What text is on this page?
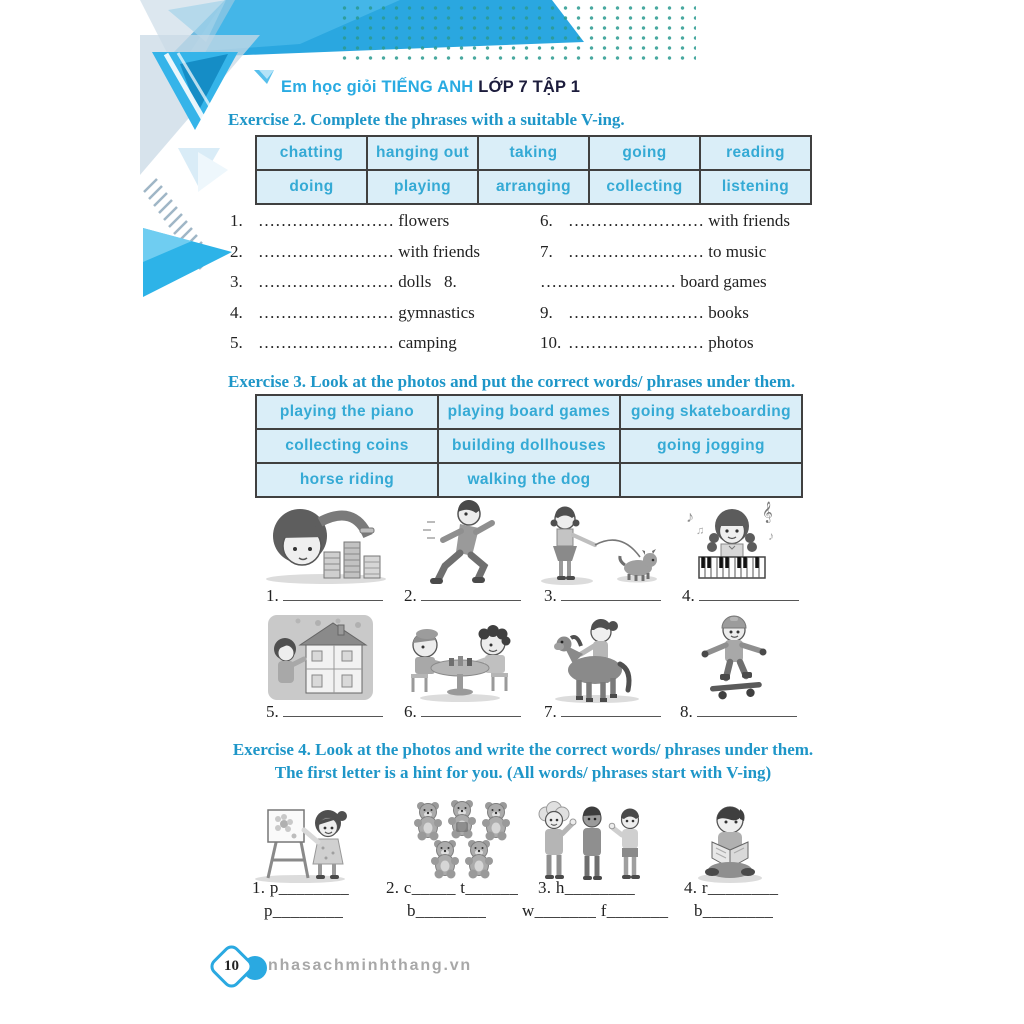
Em học giỏi TIẾNG ANH LỚP 7 TẬP 1
Exercise 2. Complete the phrases with a suitable V-ing.
chatting	hanging out	taking	going	reading
doing	playing	arranging	collecting	listening
1. …………………… flowers
2. …………………… with friends
3. …………………… dolls   8.
4. …………………… gymnastics
5. …………………… camping
6. …………………… with friends
7. …………………… to music
…………………… board games
9. …………………… books
10. …………………… photos
Exercise 3. Look at the photos and put the correct words/ phrases under them.
playing the piano	playing board games	going skateboarding
collecting coins	building dollhouses	going jogging
horse riding	walking the dog	
♪
♫
𝄞
♪
1.	2.	3.	4.
5.	6.	7.	8.
Exercise 4. Look at the photos and write the correct words/ phrases under them.
The first letter is a hint for you. (All words/ phrases start with V-ing)
1. p________ 2. c_____ t______ 3. h________	4. r________
p________	b________ w_______ f_______ b________
10	nhasachminhthang.vn
